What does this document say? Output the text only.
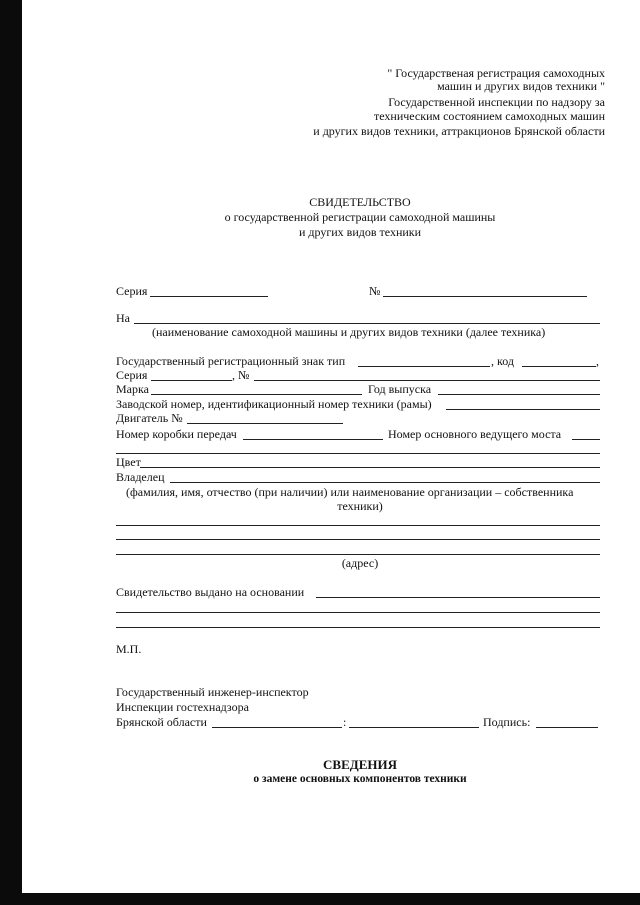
" Государственая регистрация самоходных
машин и других видов техники "
Государственной инспекции по надзору за
техническим состоянием самоходных машин
и других видов техники, аттракционов Брянской области
СВИДЕТЕЛЬСТВО
о государственной регистрации самоходной машины
и других видов техники
Серия	№
На
(наименование самоходной машины и других видов техники (далее техника)
Государственный регистрационный знак тип	, код	,
Серия	, №
Марка	Год выпуска
Заводской номер, идентификационный номер техники (рамы)
Двигатель №
Номер коробки передач	Номер основного ведущего моста
Цвет
Владелец
(фамилия, имя, отчество (при наличии) или наименование организации – собственника
техники)
(адрес)
Свидетельство выдано на основании
М.П.
Государственный инженер-инспектор
Инспекции гостехнадзора
Брянской области	:	Подпись:
СВЕДЕНИЯ
о замене основных компонентов техники
